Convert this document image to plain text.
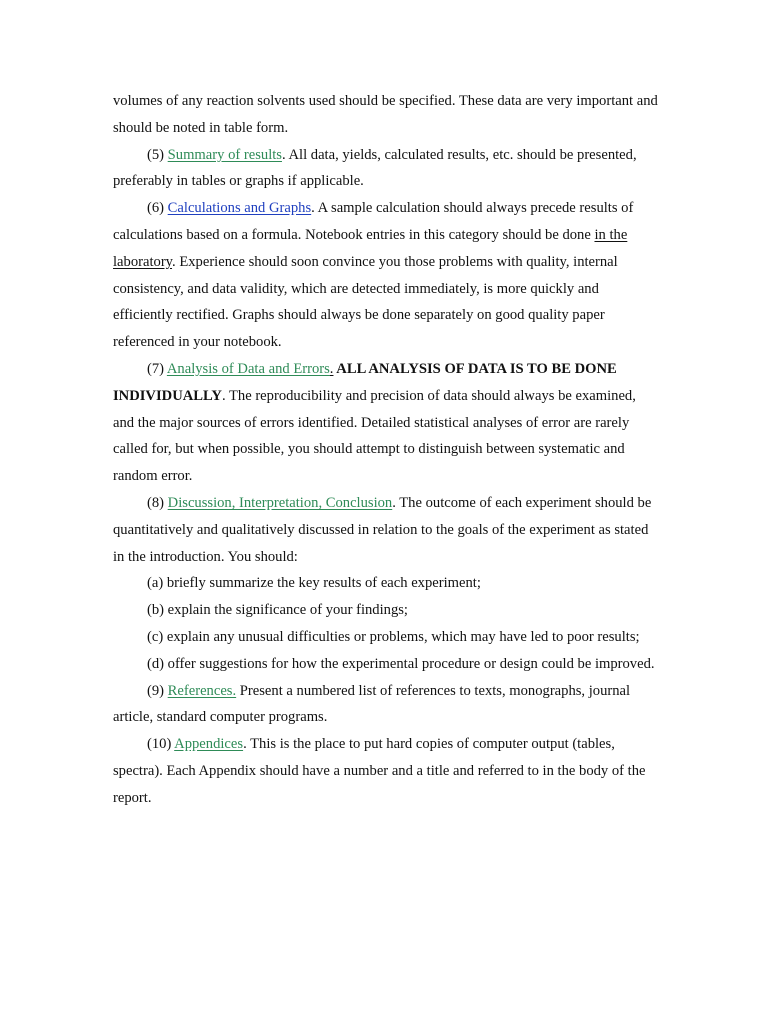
volumes of any reaction solvents used should be specified. These data are very important and should be noted in table form.

(5) Summary of results. All data, yields, calculated results, etc. should be presented, preferably in tables or graphs if applicable.

(6) Calculations and Graphs. A sample calculation should always precede results of calculations based on a formula. Notebook entries in this category should be done in the laboratory. Experience should soon convince you those problems with quality, internal consistency, and data validity, which are detected immediately, is more quickly and efficiently rectified. Graphs should always be done separately on good quality paper referenced in your notebook.

(7) Analysis of Data and Errors. ALL ANALYSIS OF DATA IS TO BE DONE INDIVIDUALLY. The reproducibility and precision of data should always be examined, and the major sources of errors identified. Detailed statistical analyses of error are rarely called for, but when possible, you should attempt to distinguish between systematic and random error.

(8) Discussion, Interpretation, Conclusion. The outcome of each experiment should be quantitatively and qualitatively discussed in relation to the goals of the experiment as stated in the introduction. You should:

(a) briefly summarize the key results of each experiment;

(b) explain the significance of your findings;

(c) explain any unusual difficulties or problems, which may have led to poor results;

(d) offer suggestions for how the experimental procedure or design could be improved.

(9) References. Present a numbered list of references to texts, monographs, journal article, standard computer programs.

(10) Appendices. This is the place to put hard copies of computer output (tables, spectra). Each Appendix should have a number and a title and referred to in the body of the report.
